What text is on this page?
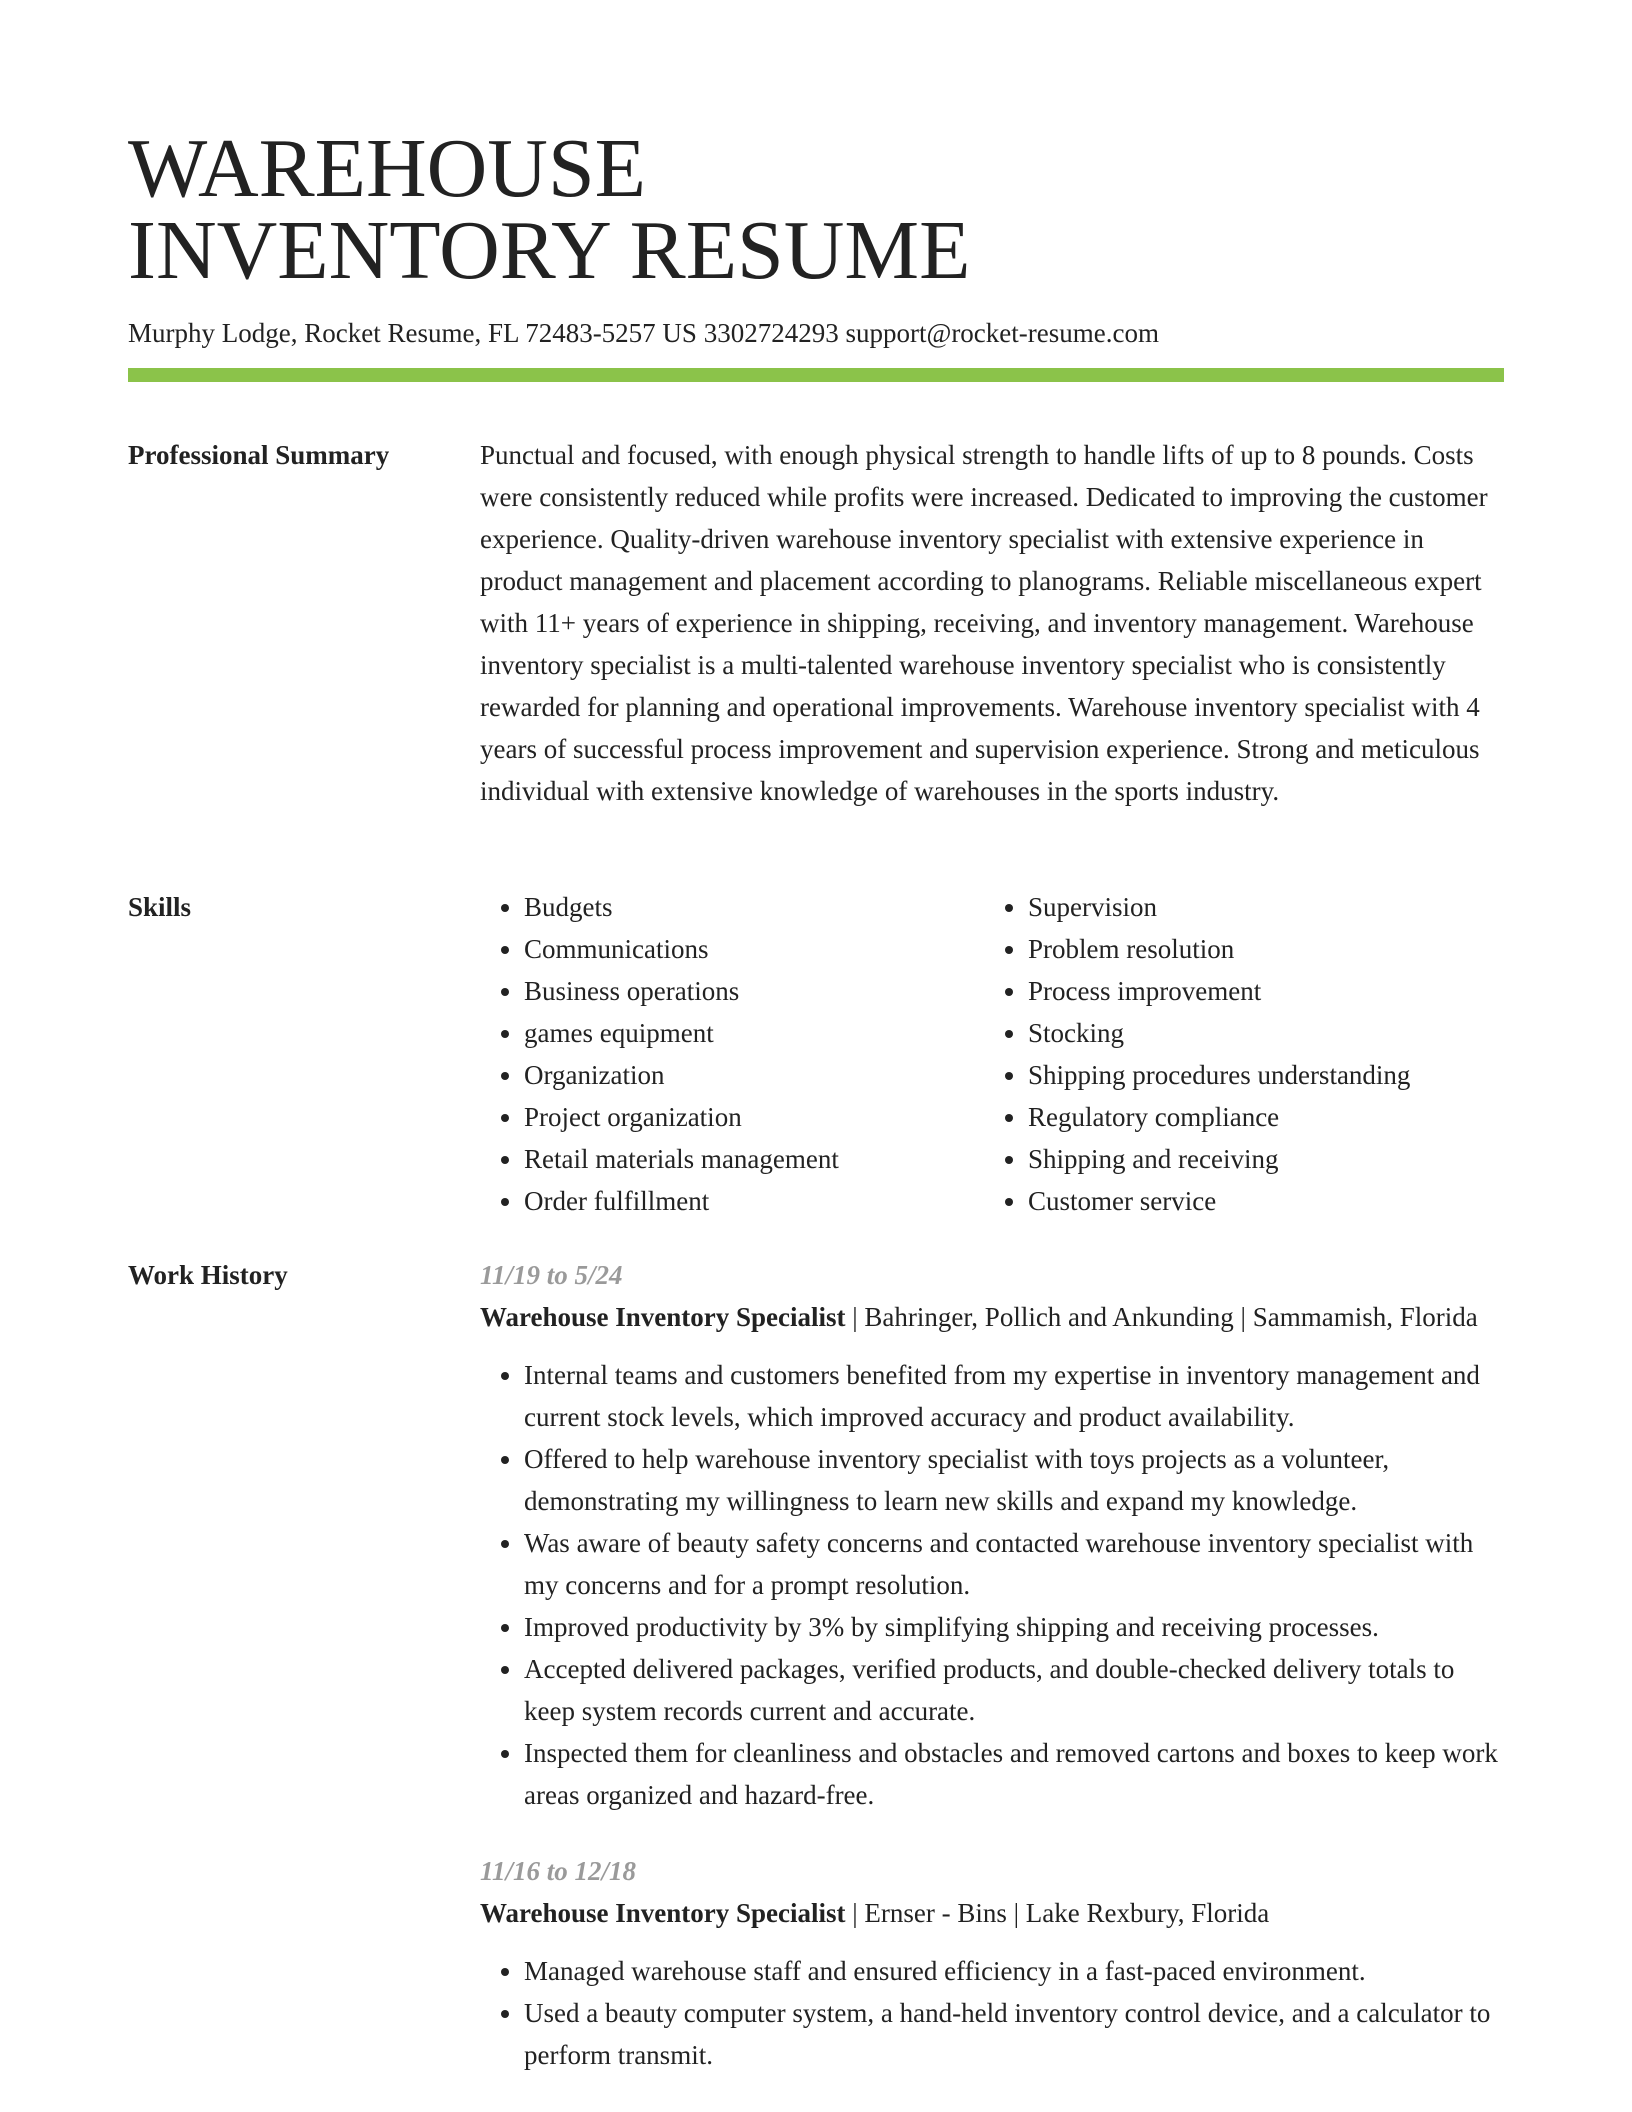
WAREHOUSE
INVENTORY RESUME
Murphy Lodge, Rocket Resume, FL 72483-5257 US 3302724293 support@rocket-resume.com
Professional Summary	Punctual and focused, with enough physical strength to handle lifts of up to 8 pounds. Costs were consistently reduced while profits were increased. Dedicated to improving the customer experience. Quality-driven warehouse inventory specialist with extensive experience in product management and placement according to planograms. Reliable miscellaneous expert with 11+ years of experience in shipping, receiving, and inventory management. Warehouse inventory specialist is a multi-talented warehouse inventory specialist who is consistently rewarded for planning and operational improvements. Warehouse inventory specialist with 4 years of successful process improvement and supervision experience. Strong and meticulous individual with extensive knowledge of warehouses in the sports industry.
Skills
•	Budgets
• Communications
• Business operations
• games equipment
• Organization
• Project organization
• Retail materials management
• Order fulfillment
• Supervision
• Problem resolution
• Process improvement
• Stocking
• Shipping procedures understanding
• Regulatory compliance
• Shipping and receiving
• Customer service
Work History	11/19 to 5/24
Warehouse Inventory Specialist | Bahringer, Pollich and Ankunding | Sammamish, Florida
• Internal teams and customers benefited from my expertise in inventory management and current stock levels, which improved accuracy and product availability.
• Offered to help warehouse inventory specialist with toys projects as a volunteer, demonstrating my willingness to learn new skills and expand my knowledge.
• Was aware of beauty safety concerns and contacted warehouse inventory specialist with my concerns and for a prompt resolution.
• Improved productivity by 3% by simplifying shipping and receiving processes.
• Accepted delivered packages, verified products, and double-checked delivery totals to keep system records current and accurate.
• Inspected them for cleanliness and obstacles and removed cartons and boxes to keep work areas organized and hazard-free.
11/16 to 12/18
Warehouse Inventory Specialist | Ernser - Bins | Lake Rexbury, Florida
• Managed warehouse staff and ensured efficiency in a fast-paced environment.
• Used a beauty computer system, a hand-held inventory control device, and a calculator to perform transmit.
